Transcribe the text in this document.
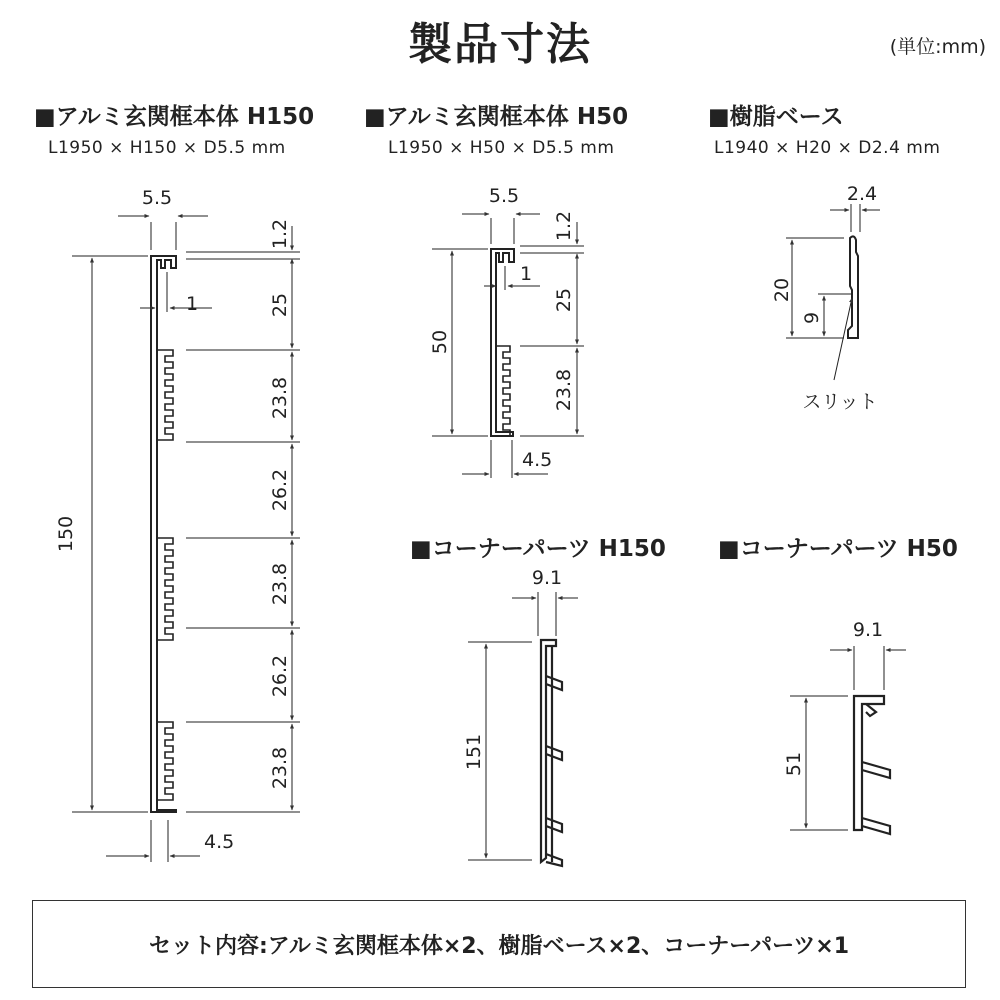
製品寸法	(単位:mm)
■アルミ玄関框本体 H150
L1950 × H150 × D5.5 mm
■アルミ玄関框本体 H50
L1950 × H50 × D5.5 mm
■樹脂ベース
L1940 × H20 × D2.4 mm
■コーナーパーツ H150 ■コーナーパーツ H50
5.5
1
4.5
1.2
25
23.8
26.2
23.8
26.2
23.8
150
5.5
1
4.5
1.2
25
23.8
50
2.4
20
9
スリット
9.1
151
9.1
51
セット内容:アルミ玄関框本体×2、樹脂ベース×2、コーナーパーツ×1
